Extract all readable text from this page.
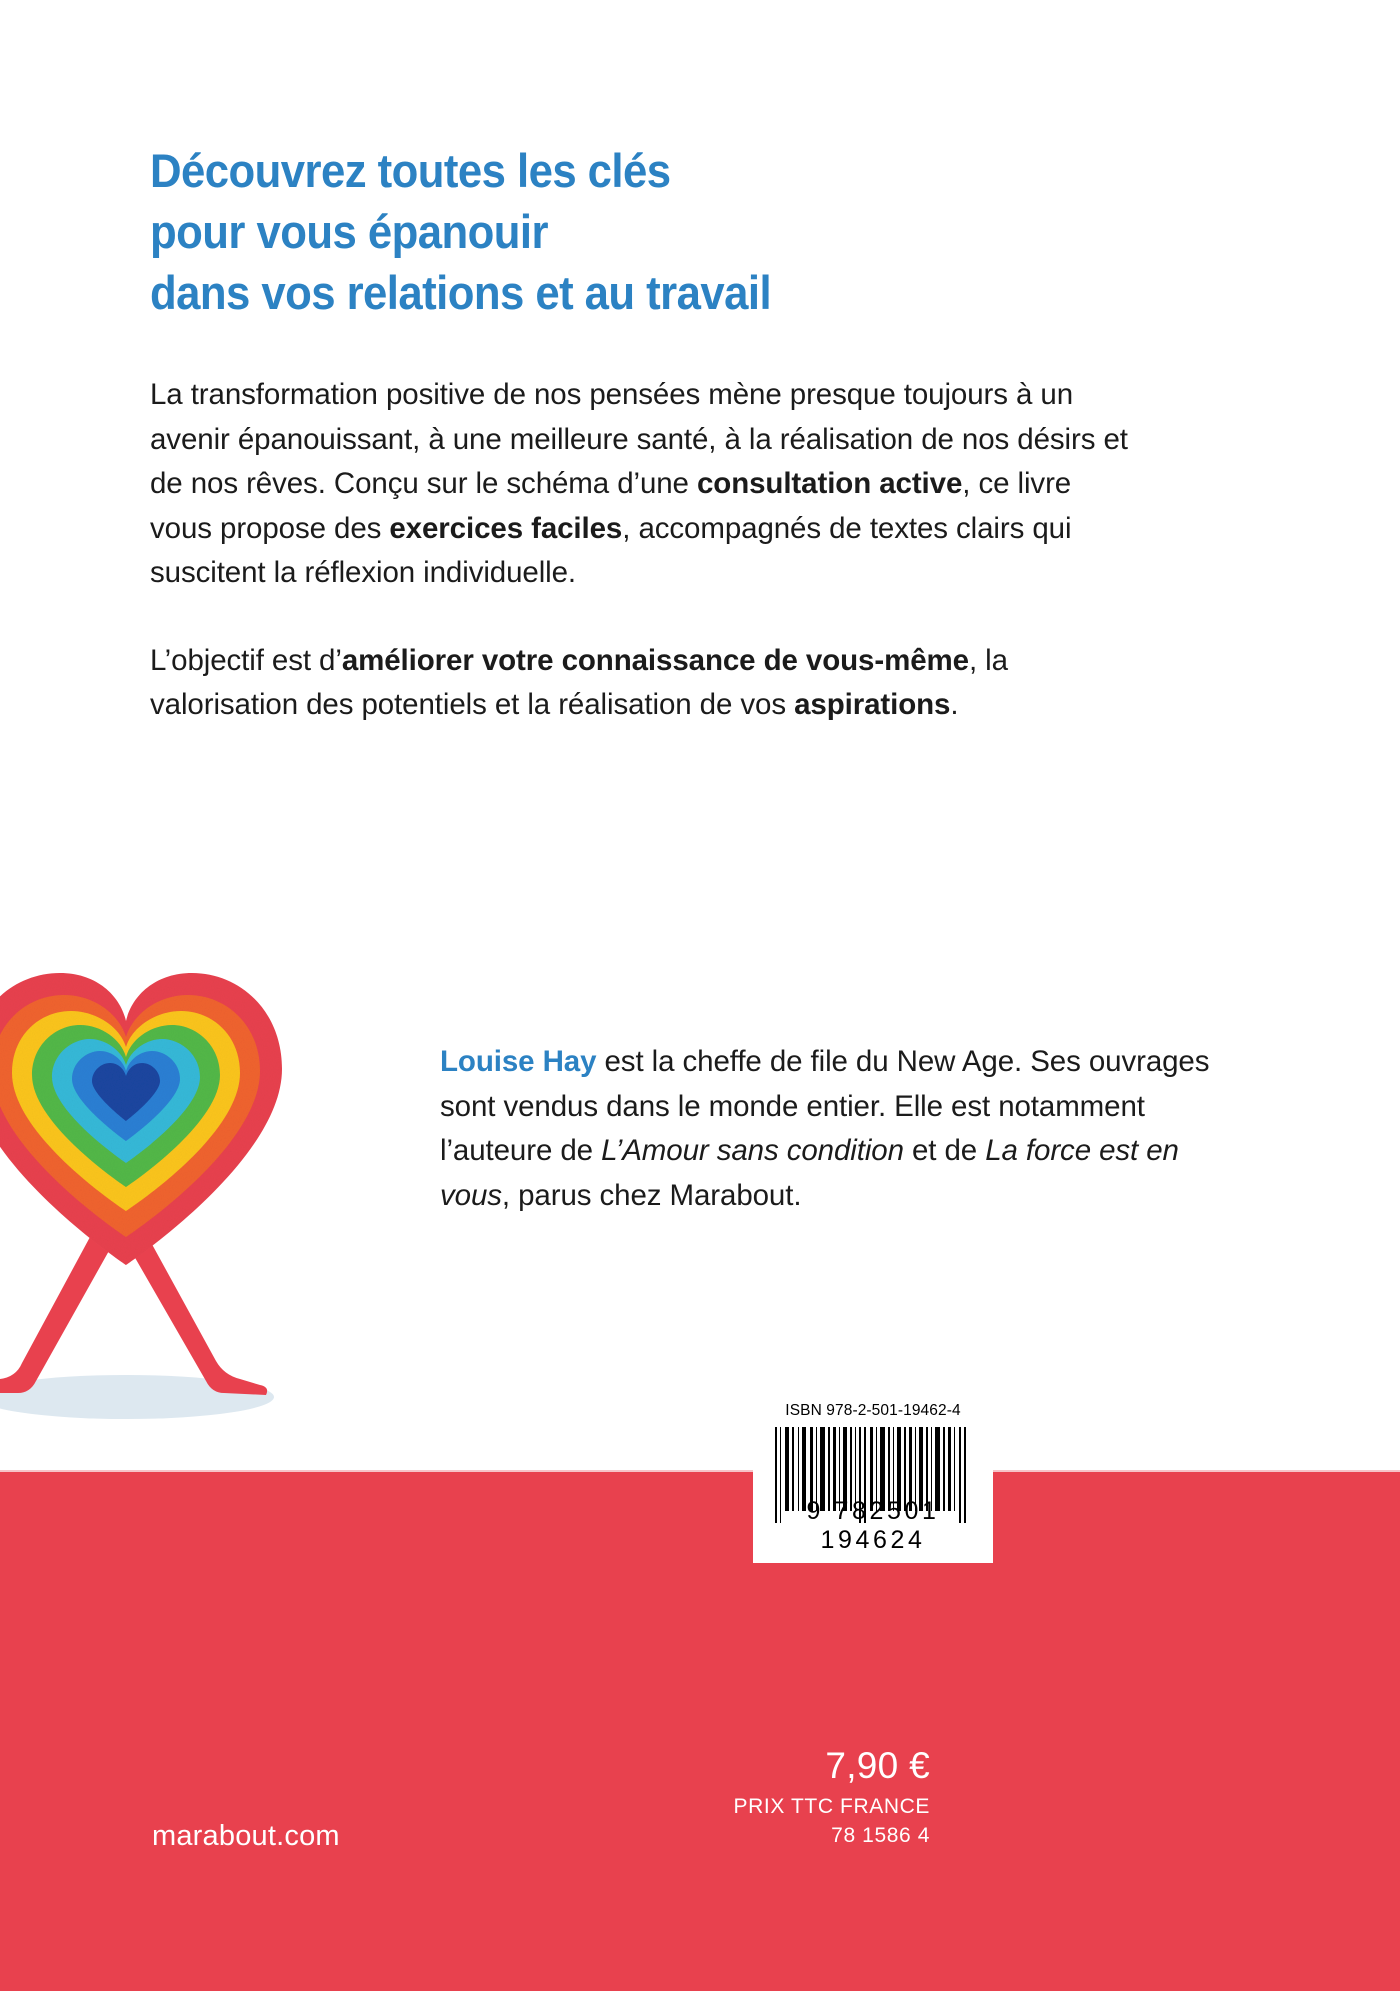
Découvrez toutes les clés
pour vous épanouir
dans vos relations et au travail

La transformation positive de nos pensées mène presque toujours à un avenir épanouissant, à une meilleure santé, à la réalisation de nos désirs et de nos rêves. Conçu sur le schéma d’une consultation active, ce livre vous propose des exercices faciles, accompagnés de textes clairs qui suscitent la réflexion individuelle.

L’objectif est d’améliorer votre connaissance de vous-même, la valorisation des potentiels et la réalisation de vos aspirations.

Louise Hay est la cheffe de file du New Age. Ses ouvrages sont vendus dans le monde entier. Elle est notamment l’auteure de L’Amour sans condition et de La force est en vous, parus chez Marabout.
marabout.com
7,90 €
PRIX TTC FRANCE
78 1586 4
ISBN 978-2-501-19462-4
9 782501 194624
